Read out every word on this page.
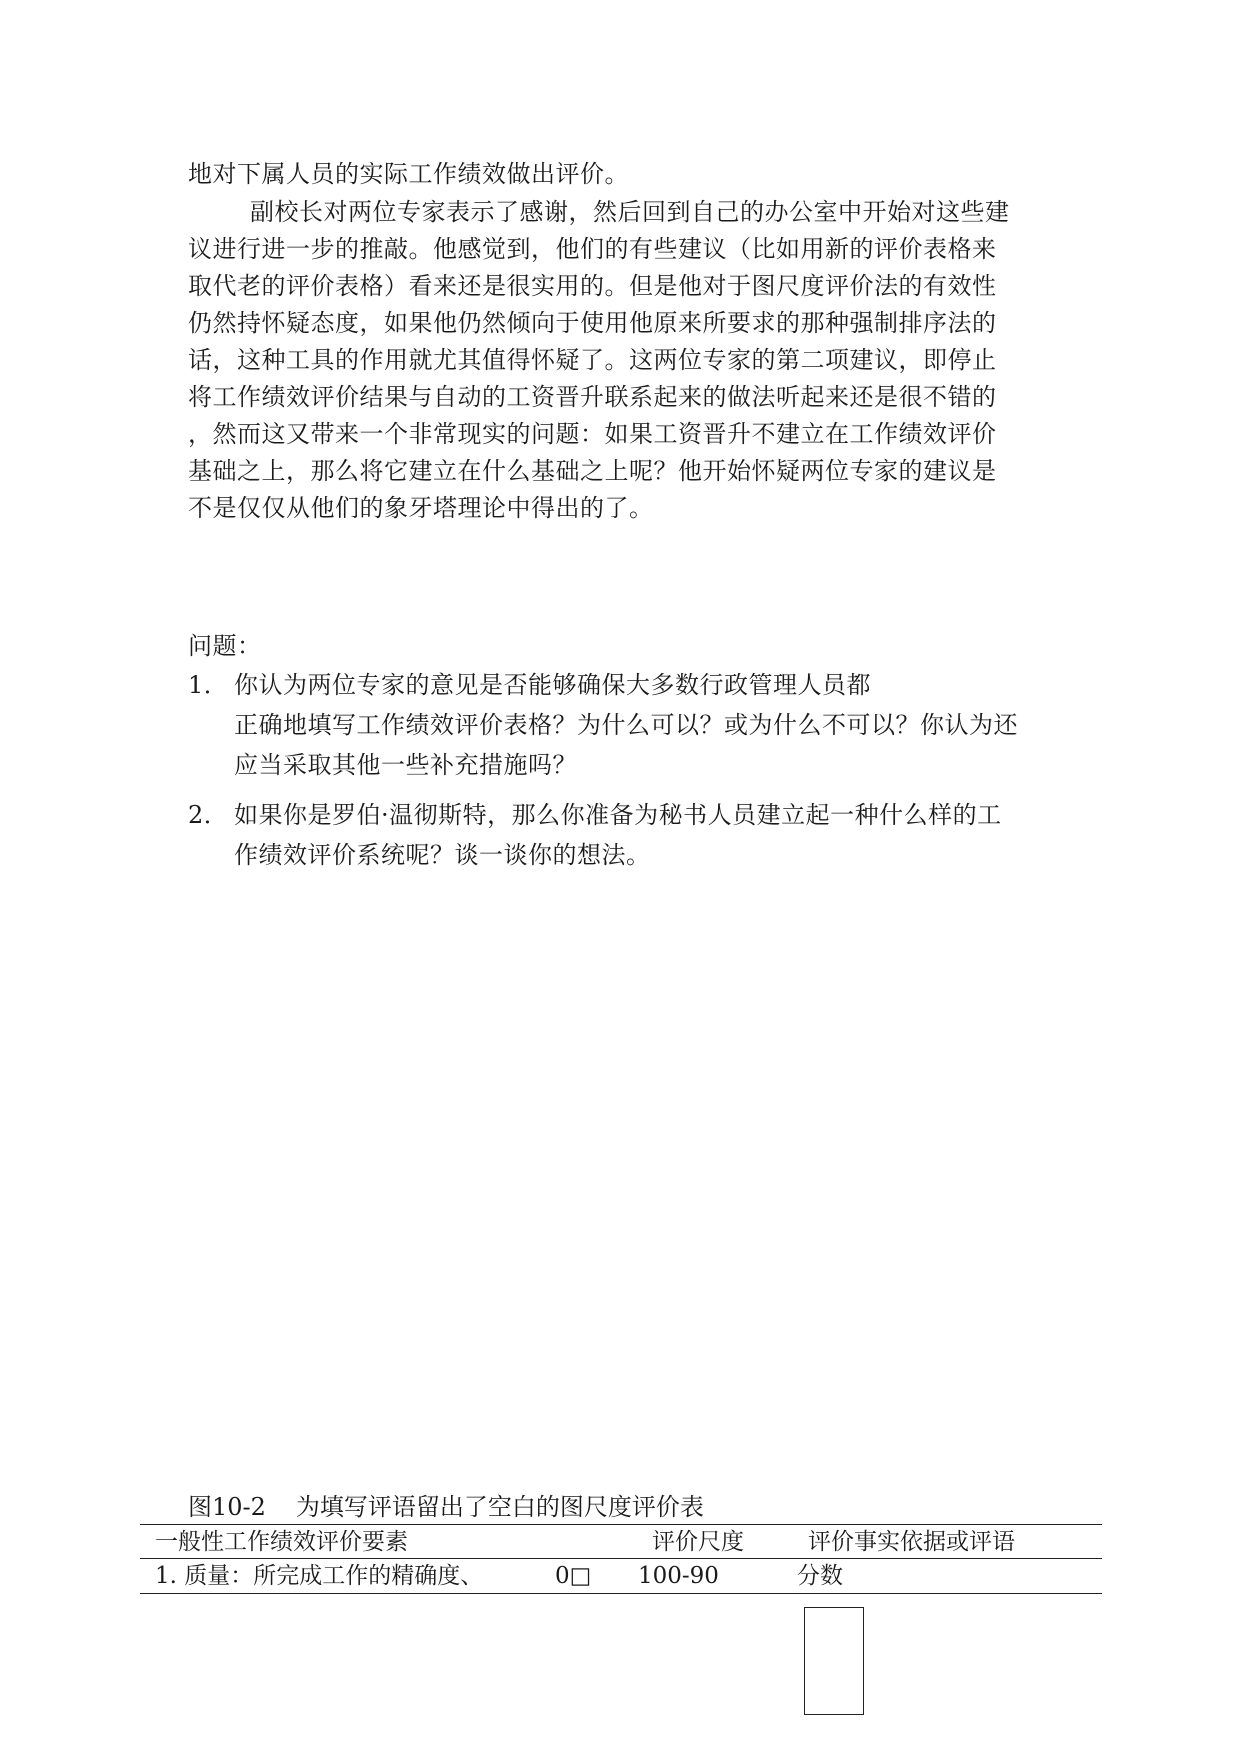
地对下属人员的实际工作绩效做出评价。
副校长对两位专家表示了感谢，然后回到自己的办公室中开始对这些建
议进行进一步的推敲。他感觉到，他们的有些建议（比如用新的评价表格来
取代老的评价表格）看来还是很实用的。但是他对于图尺度评价法的有效性
仍然持怀疑态度，如果他仍然倾向于使用他原来所要求的那种强制排序法的
话，这种工具的作用就尤其值得怀疑了。这两位专家的第二项建议，即停止
将工作绩效评价结果与自动的工资晋升联系起来的做法听起来还是很不错的
，然而这又带来一个非常现实的问题：如果工资晋升不建立在工作绩效评价
基础之上，那么将它建立在什么基础之上呢？他开始怀疑两位专家的建议是
不是仅仅从他们的象牙塔理论中得出的了。
问题：
1． 你认为两位专家的意见是否能够确保大多数行政管理人员都
正确地填写工作绩效评价表格？为什么可以？或为什么不可以？你认为还
应当采取其他一些补充措施吗？
2． 如果你是罗伯·温彻斯特，那么你准备为秘书人员建立起一种什么样的工
作绩效评价系统呢？谈一谈你的想法。
图10-2 为填写评语留出了空白的图尺度评价表
一般性工作绩效评价要素	评价尺度	评价事实依据或评语
1. 质量：所完成工作的精确度、	0□ 100-90	分数
